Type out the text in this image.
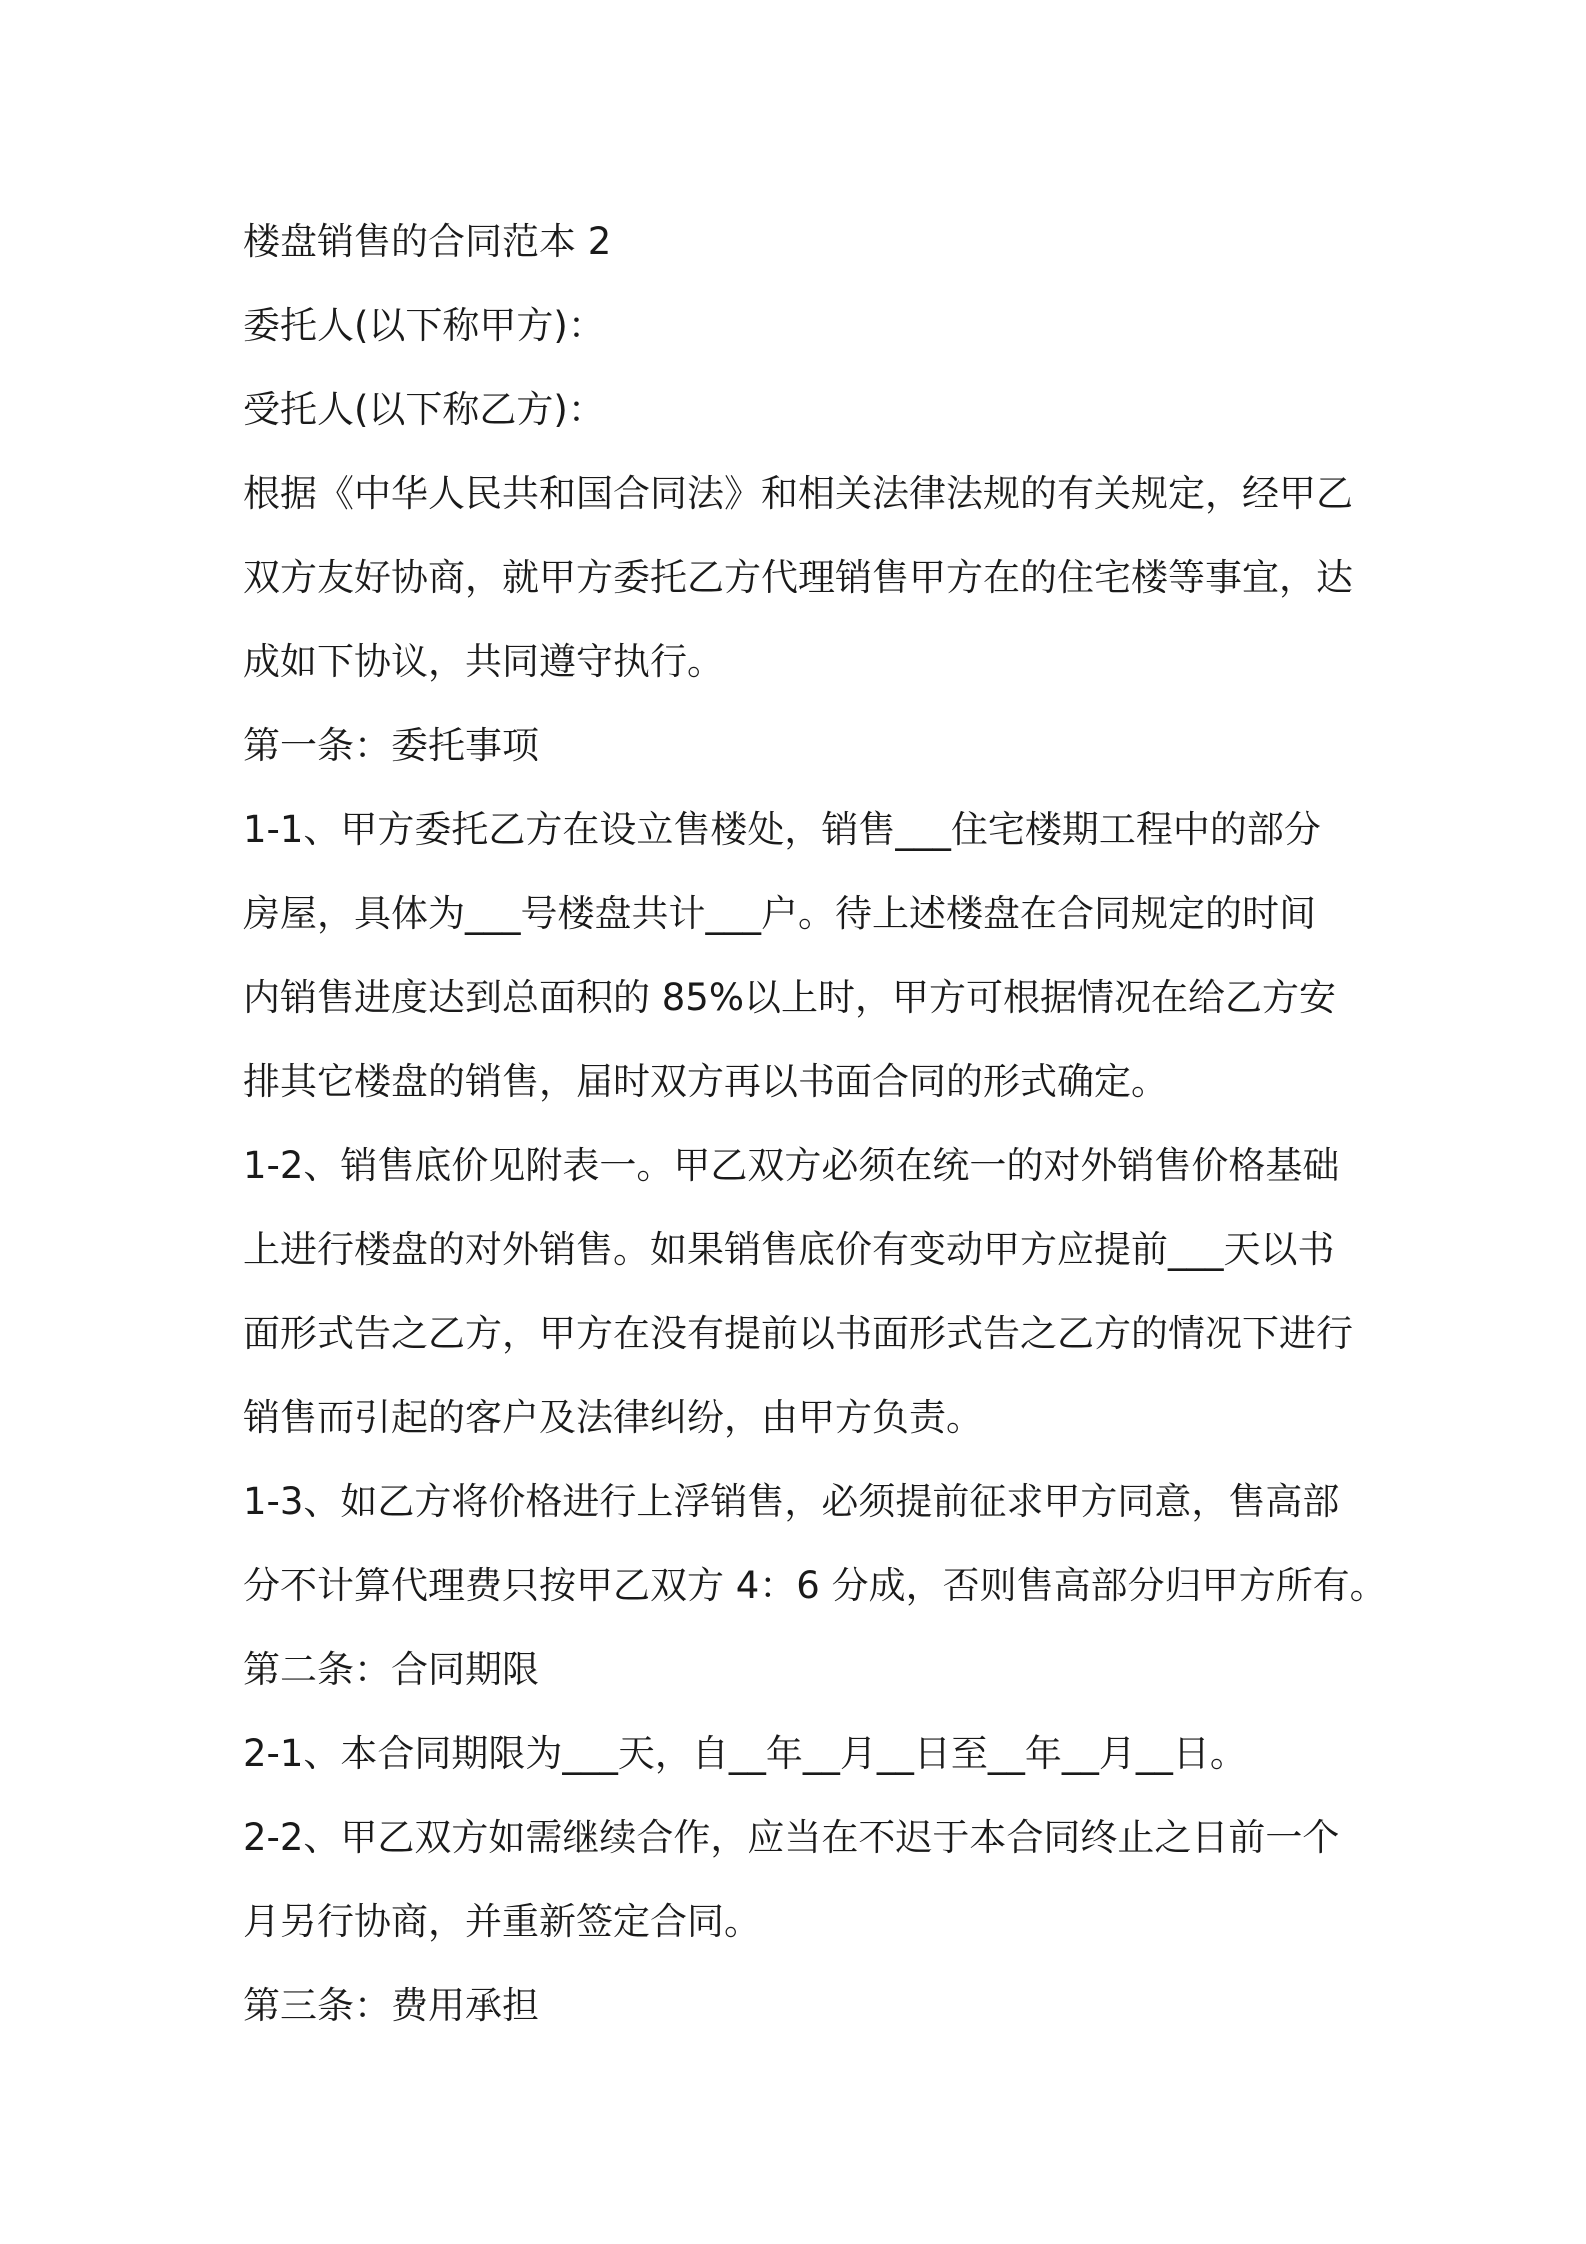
楼盘销售的合同范本 2
委托人(以下称甲方)：
受托人(以下称乙方)：
根据《中华人民共和国合同法》和相关法律法规的有关规定，经甲乙
双方友好协商，就甲方委托乙方代理销售甲方在的住宅楼等事宜，达
成如下协议，共同遵守执行。
第一条：委托事项
1-1、甲方委托乙方在设立售楼处，销售___住宅楼期工程中的部分
房屋，具体为___号楼盘共计___户。待上述楼盘在合同规定的时间
内销售进度达到总面积的 85%以上时，甲方可根据情况在给乙方安
排其它楼盘的销售，届时双方再以书面合同的形式确定。
1-2、销售底价见附表一。甲乙双方必须在统一的对外销售价格基础
上进行楼盘的对外销售。如果销售底价有变动甲方应提前___天以书
面形式告之乙方，甲方在没有提前以书面形式告之乙方的情况下进行
销售而引起的客户及法律纠纷，由甲方负责。
1-3、如乙方将价格进行上浮销售，必须提前征求甲方同意，售高部
分不计算代理费只按甲乙双方 4：6 分成，否则售高部分归甲方所有。
第二条：合同期限
2-1、本合同期限为___天，自__年__月__日至__年__月__日。
2-2、甲乙双方如需继续合作，应当在不迟于本合同终止之日前一个
月另行协商，并重新签定合同。
第三条：费用承担
